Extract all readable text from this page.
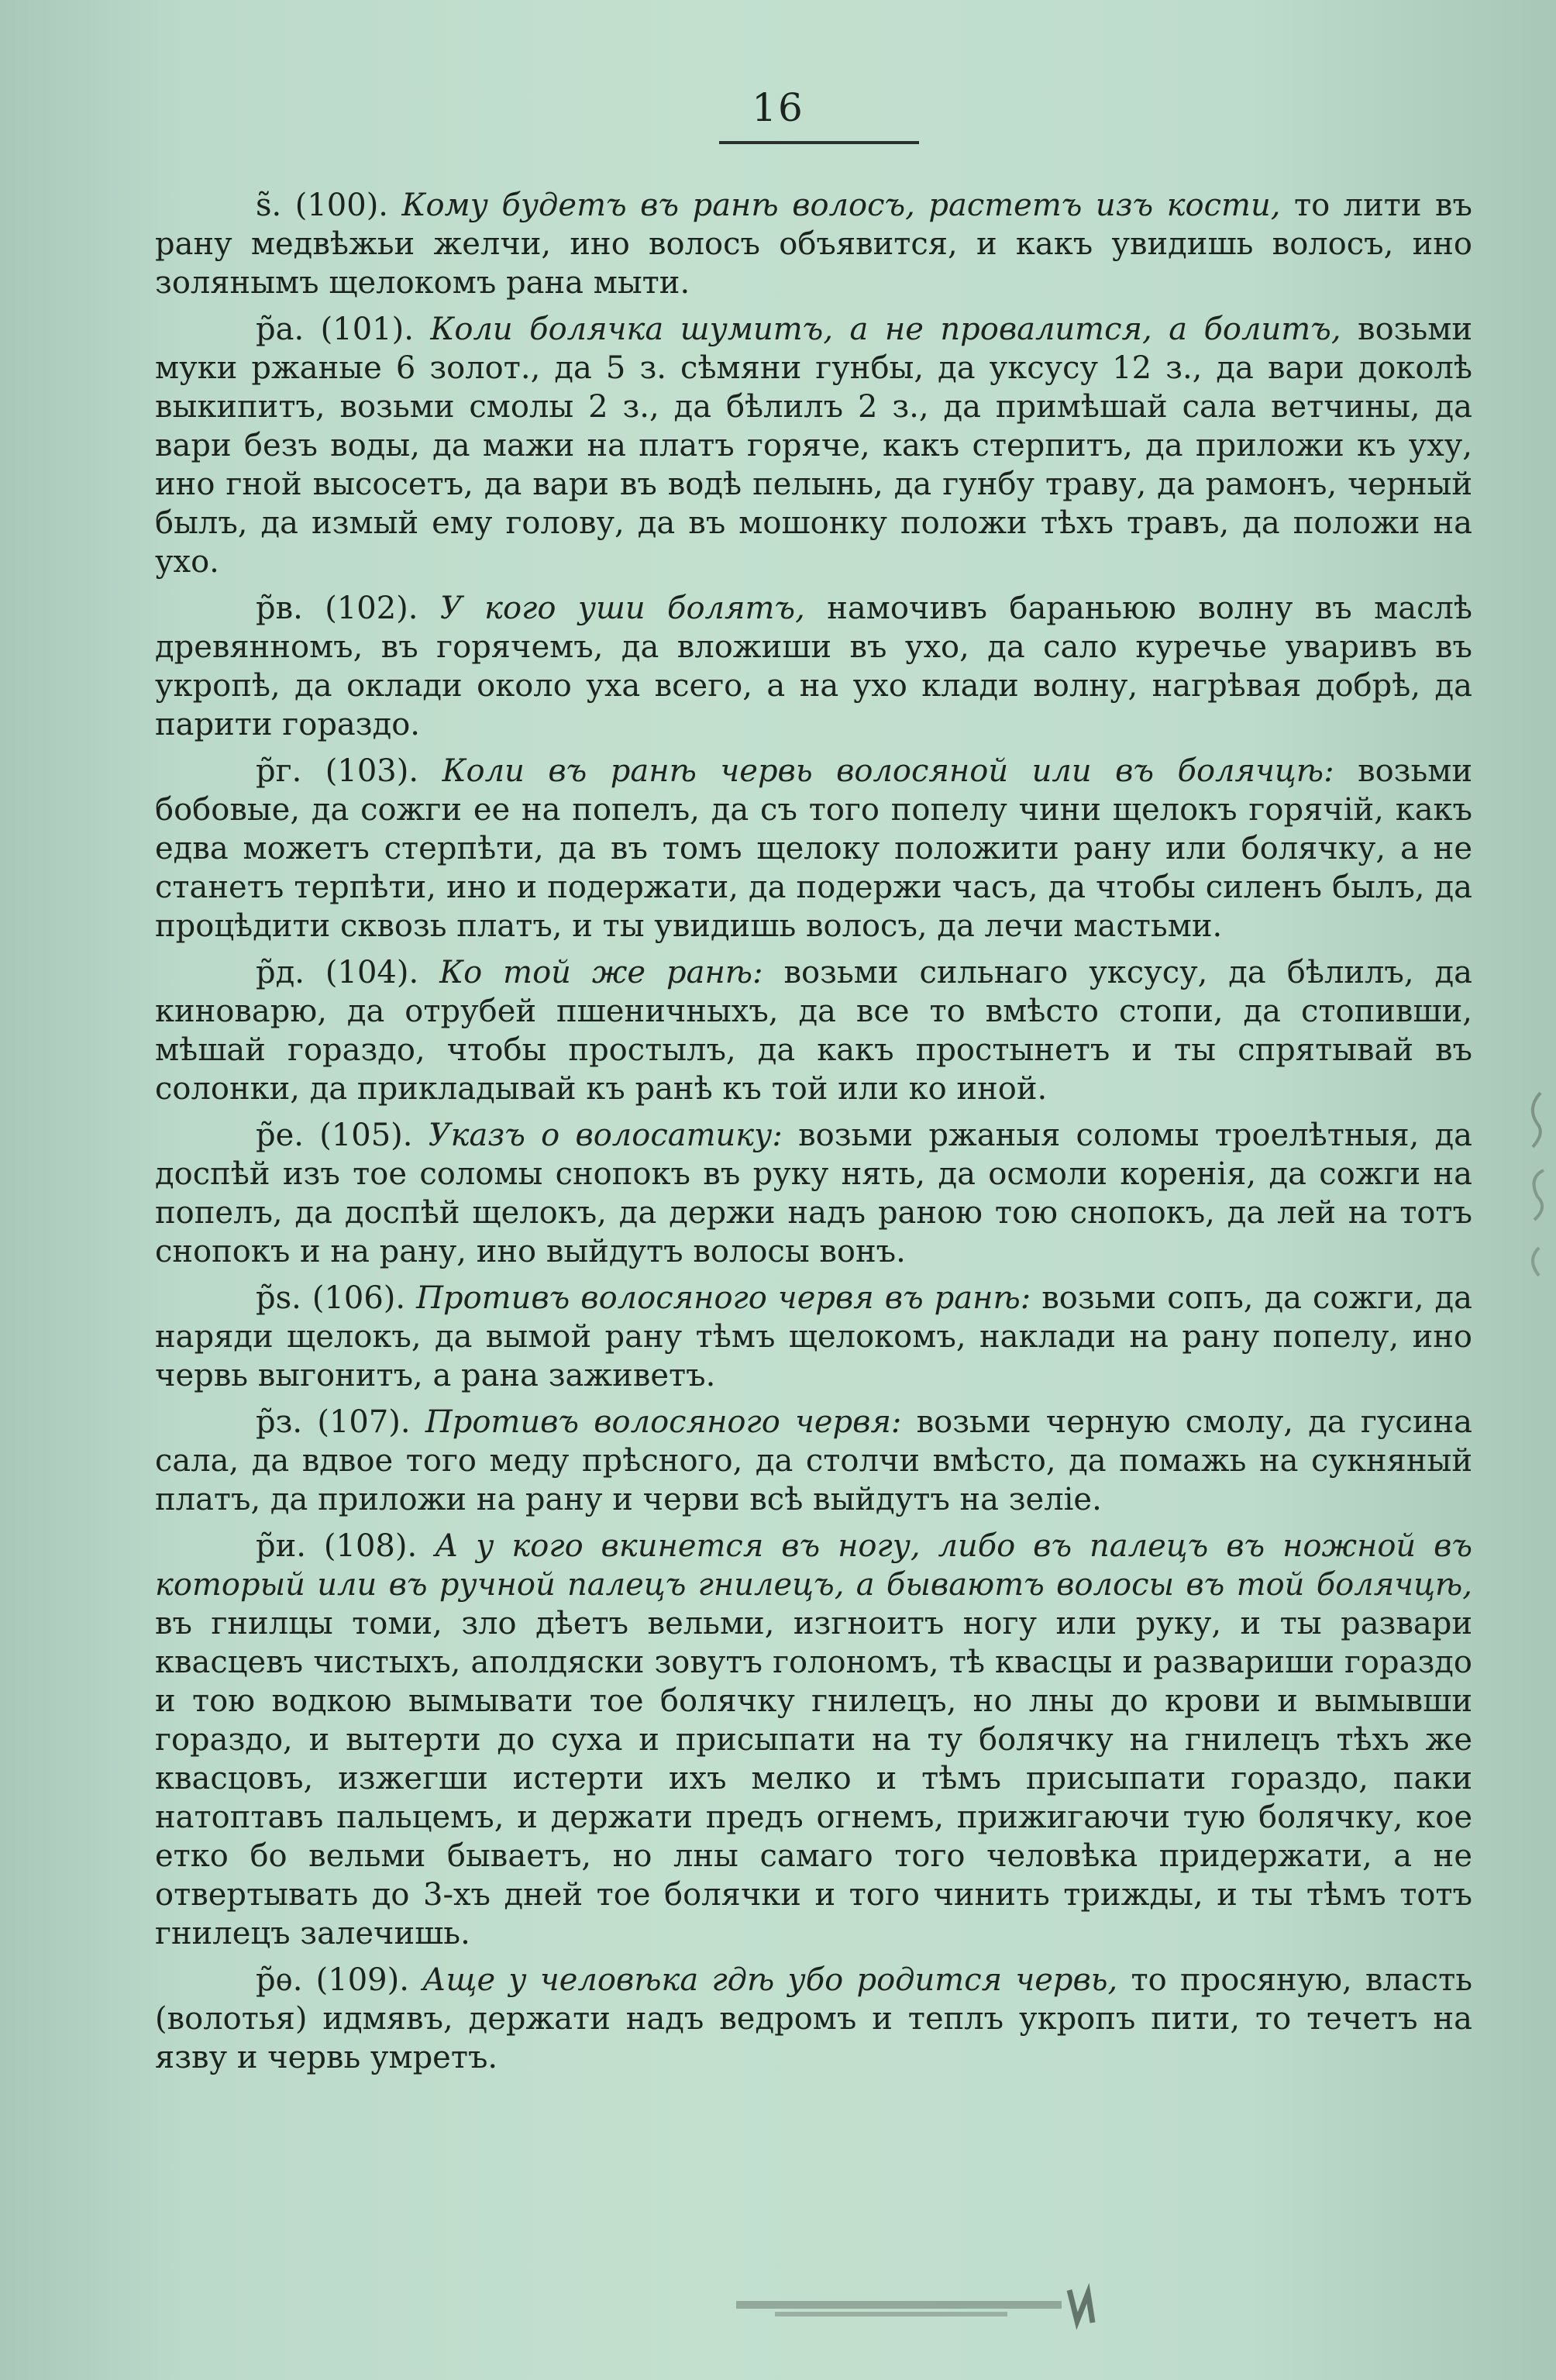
16

ѕ̃. (100). Кому будетъ въ ранѣ волосъ, растетъ изъ кости, то лити въ рану медвѣжьи желчи, ино волосъ объявится, и какъ увидишь волосъ, ино золянымъ щелокомъ рана мыти.

р̃а. (101). Коли болячка шумитъ, а не провалится, а болитъ, возьми муки ржаные 6 золот., да 5 з. сѣмяни гунбы, да уксусу 12 з., да вари доколѣ выкипитъ, возьми смолы 2 з., да бѣлилъ 2 з., да примѣшай сала ветчины, да вари безъ воды, да мажи на платъ горяче, какъ стерпитъ, да приложи къ уху, ино гной высосетъ, да вари въ водѣ пелынь, да гунбу траву, да рамонъ, черный былъ, да измый ему голову, да въ мошонку положи тѣхъ травъ, да положи на ухо.

р̃в. (102). У кого уши болятъ, намочивъ бараньюю волну въ маслѣ древянномъ, въ горячемъ, да вложиши въ ухо, да сало куречье уваривъ въ укропѣ, да оклади около уха всего, а на ухо клади волну, нагрѣвая добрѣ, да парити гораздо.

р̃г. (103). Коли въ ранѣ червь волосяной или въ болячцѣ: возьми бобовые, да сожги ее на попелъ, да съ того попелу чини щелокъ горячій, какъ едва можетъ стерпѣти, да въ томъ щелоку положити рану или болячку, а не станетъ терпѣти, ино и подержати, да подержи часъ, да чтобы силенъ былъ, да процѣдити сквозь платъ, и ты увидишь волосъ, да лечи мастьми.

р̃д. (104). Ко той же ранѣ: возьми сильнаго уксусу, да бѣлилъ, да киноварю, да отрубей пшеничныхъ, да все то вмѣсто стопи, да стопивши, мѣшай гораздо, чтобы простылъ, да какъ простынетъ и ты спрятывай въ солонки, да прикладывай къ ранѣ къ той или ко иной.

р̃е. (105). Указъ о волосатику: возьми ржаныя соломы троелѣтныя, да доспѣй изъ тое соломы снопокъ въ руку нять, да осмоли коренія, да сожги на попелъ, да доспѣй щелокъ, да держи надъ раною тою снопокъ, да лей на тотъ снопокъ и на рану, ино выйдутъ волосы вонъ.

р̃ѕ. (106). Противъ волосяного червя въ ранѣ: возьми сопъ, да сожги, да наряди щелокъ, да вымой рану тѣмъ щелокомъ, наклади на рану попелу, ино червь выгонитъ, а рана заживетъ.

р̃з. (107). Противъ волосяного червя: возьми черную смолу, да гусина сала, да вдвое того меду прѣсного, да столчи вмѣсто, да помажь на сукняный платъ, да приложи на рану и черви всѣ выйдутъ на зеліе.

р̃и. (108). А у кого вкинется въ ногу, либо въ палецъ въ ножной въ который или въ ручной палецъ гнилецъ, а бываютъ волосы въ той болячцѣ, въ гнилцы томи, зло дѣетъ вельми, изгноитъ ногу или руку, и ты развари квасцевъ чистыхъ, аполдяски зовутъ голономъ, тѣ квасцы и развариши гораздо и тою водкою вымывати тое болячку гнилецъ, но лны до крови и вымывши гораздо, и вытерти до суха и присыпати на ту болячку на гнилецъ тѣхъ же квасцовъ, изжегши истерти ихъ мелко и тѣмъ присыпати гораздо, паки натоптавъ пальцемъ, и держати предъ огнемъ, прижигаючи тую болячку, кое етко бо вельми бываетъ, но лны самаго того человѣка придержати, а не отвертывать до 3-хъ дней тое болячки и того чинить трижды, и ты тѣмъ тотъ гнилецъ залечишь.

р̃ѳ. (109). Аще у человѣка гдѣ убо родится червь, то просяную, власть (волотья) идмявъ, держати надъ ведромъ и теплъ укропъ пити, то течетъ на язву и червь умретъ.
